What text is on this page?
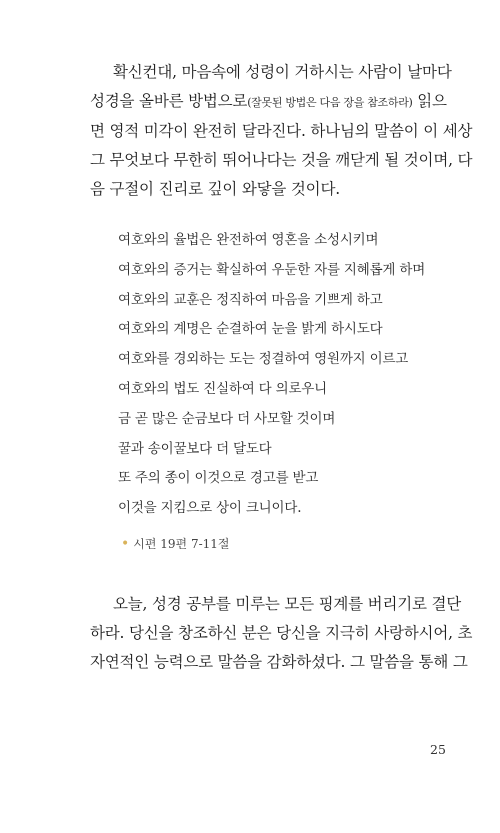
확신컨대, 마음속에 성령이 거하시는 사람이 날마다
성경을 올바른 방법으로(잘못된 방법은 다음 장을 참조하라) 읽으
면 영적 미각이 완전히 달라진다. 하나님의 말씀이 이 세상
그 무엇보다 무한히 뛰어나다는 것을 깨닫게 될 것이며, 다
음 구절이 진리로 깊이 와닿을 것이다.
여호와의 율법은 완전하여 영혼을 소성시키며
여호와의 증거는 확실하여 우둔한 자를 지혜롭게 하며
여호와의 교훈은 정직하여 마음을 기쁘게 하고
여호와의 계명은 순결하여 눈을 밝게 하시도다
여호와를 경외하는 도는 정결하여 영원까지 이르고
여호와의 법도 진실하여 다 의로우니
금 곧 많은 순금보다 더 사모할 것이며
꿀과 송이꿀보다 더 달도다
또 주의 종이 이것으로 경고를 받고
이것을 지킴으로 상이 크니이다.
• 시편 19편 7-11절
오늘, 성경 공부를 미루는 모든 핑계를 버리기로 결단
하라. 당신을 창조하신 분은 당신을 지극히 사랑하시어, 초
자연적인 능력으로 말씀을 감화하셨다. 그 말씀을 통해 그
25
